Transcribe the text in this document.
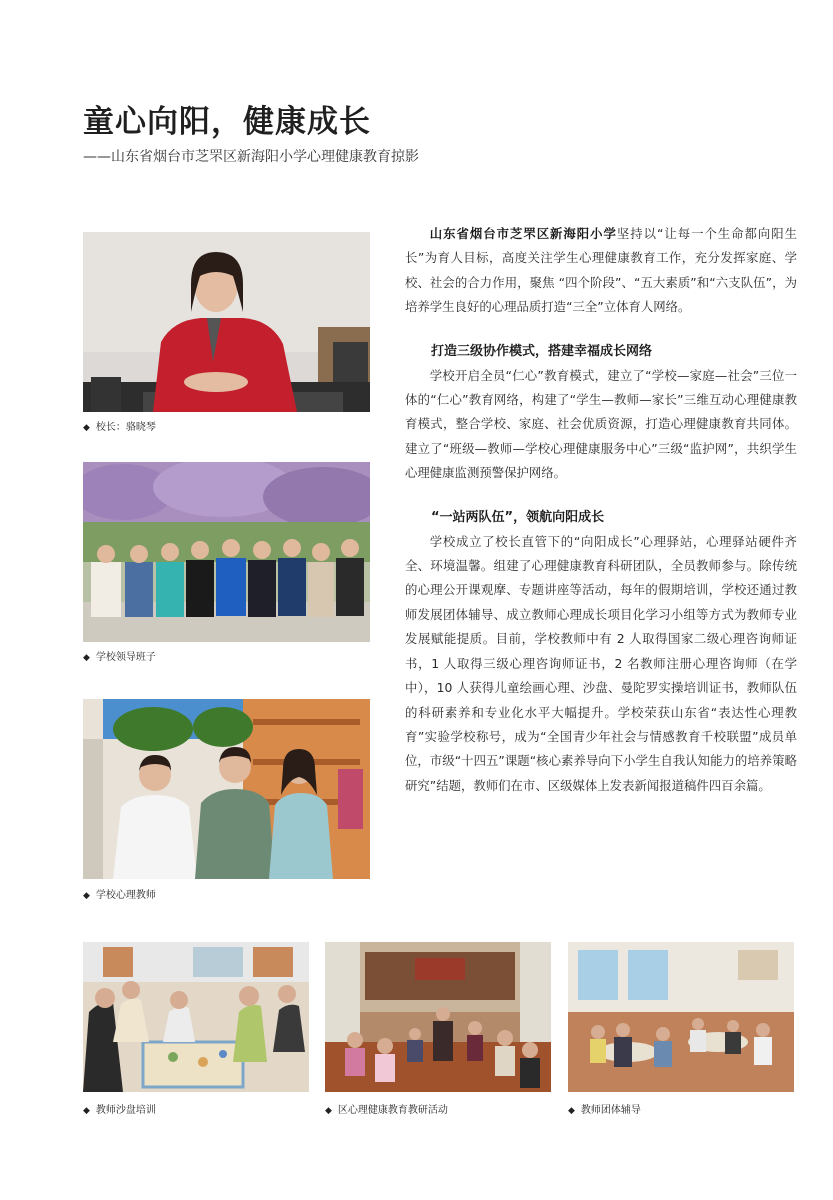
童心向阳，健康成长
——山东省烟台市芝罘区新海阳小学心理健康教育掠影
◆ 校长：骆晓琴
◆ 学校领导班子
◆ 学校心理教师
◆ 教师沙盘培训	◆ 区心理健康教育教研活动	◆ 教师团体辅导

山东省烟台市芝罘区新海阳小学坚持以“让每一个生命都向阳生长”为育人目标，高度关注学生心理健康教育工作，充分发挥家庭、学校、社会的合力作用，聚焦 “四个阶段”、“五大素质”和“六支队伍”，为培养学生良好的心理品质打造“三全”立体育人网络。

打造三级协作模式，搭建幸福成长网络

学校开启全员“仁心”教育模式，建立了“学校—家庭—社会”三位一体的“仁心”教育网络，构建了“学生—教师—家长”三维互动心理健康教育模式，整合学校、家庭、社会优质资源，打造心理健康教育共同体。建立了“班级—教师—学校心理健康服务中心”三级“监护网”，共织学生心理健康监测预警保护网络。

“一站两队伍”，领航向阳成长

学校成立了校长直管下的“向阳成长”心理驿站，心理驿站硬件齐全、环境温馨。组建了心理健康教育科研团队，全员教师参与。除传统的心理公开课观摩、专题讲座等活动，每年的假期培训，学校还通过教师发展团体辅导、成立教师心理成长项目化学习小组等方式为教师专业发展赋能提质。目前，学校教师中有 2 人取得国家二级心理咨询师证书，1 人取得三级心理咨询师证书，2 名教师注册心理咨询师（在学中），10 人获得儿童绘画心理、沙盘、曼陀罗实操培训证书，教师队伍的科研素养和专业化水平大幅提升。学校荣获山东省“表达性心理教育”实验学校称号，成为“全国青少年社会与情感教育千校联盟”成员单位，市级“十四五”课题“核心素养导向下小学生自我认知能力的培养策略研究”结题，教师们在市、区级媒体上发表新闻报道稿件四百余篇。
